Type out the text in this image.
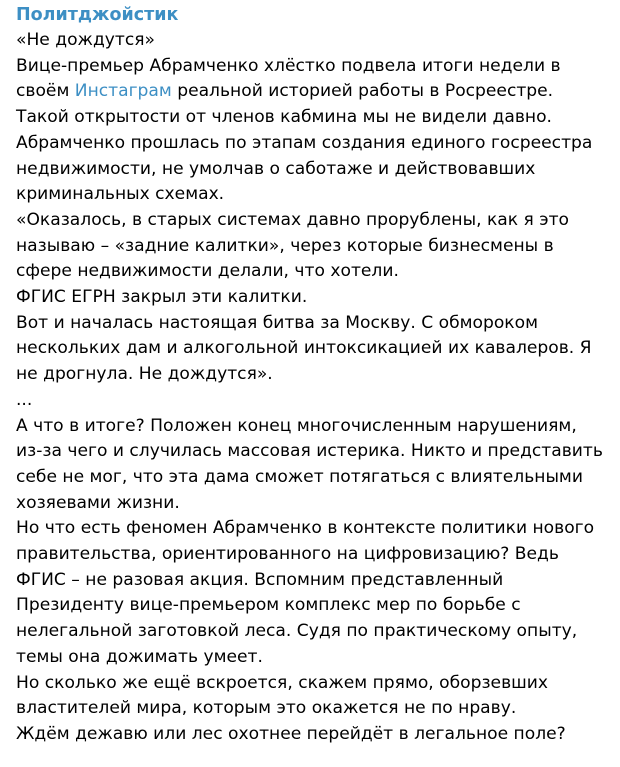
Политджойстик
«Не дождутся»
Вице-премьер Абрамченко хлёстко подвела итоги недели в
своём Инстаграм реальной историей работы в Росреестре.
Такой открытости от членов кабмина мы не видели давно.
Абрамченко прошлась по этапам создания единого госреестра
недвижимости, не умолчав о саботаже и действовавших
криминальных схемах.
«Оказалось, в старых системах давно прорублены, как я это
называю – «задние калитки», через которые бизнесмены в
сфере недвижимости делали, что хотели.
ФГИС ЕГРН закрыл эти калитки.
Вот и началась настоящая битва за Москву. С обмороком
нескольких дам и алкогольной интоксикацией их кавалеров. Я
не дрогнула. Не дождутся».
...
А что в итоге? Положен конец многочисленным нарушениям,
из-за чего и случилась массовая истерика. Никто и представить
себе не мог, что эта дама сможет потягаться с влиятельными
хозяевами жизни.
Но что есть феномен Абрамченко в контексте политики нового
правительства, ориентированного на цифровизацию? Ведь
ФГИС – не разовая акция. Вспомним представленный
Президенту вице-премьером комплекс мер по борьбе с
нелегальной заготовкой леса. Судя по практическому опыту,
темы она дожимать умеет.
Но сколько же ещё вскроется, скажем прямо, оборзевших
властителей мира, которым это окажется не по нраву.
Ждём дежавю или лес охотнее перейдёт в легальное поле?
